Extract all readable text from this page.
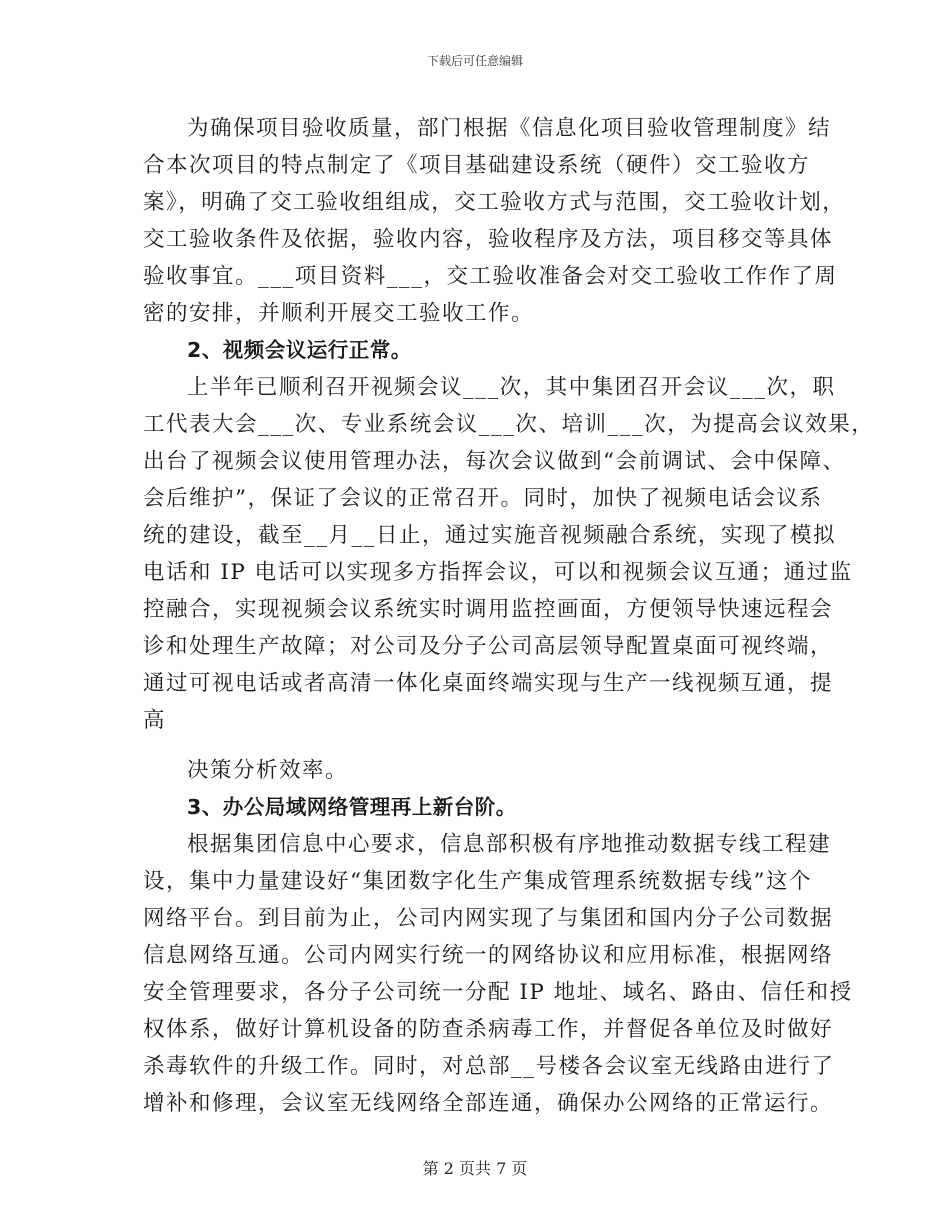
下载后可任意编辑
为确保项目验收质量，部门根据《信息化项目验收管理制度》结
合本次项目的特点制定了《项目基础建设系统（硬件）交工验收方
案》，明确了交工验收组组成，交工验收方式与范围，交工验收计划，
交工验收条件及依据，验收内容，验收程序及方法，项目移交等具体
验收事宜。___项目资料___，交工验收准备会对交工验收工作作了周
密的安排，并顺利开展交工验收工作。
2、视频会议运行正常。
上半年已顺利召开视频会议___次，其中集团召开会议___次，职
工代表大会___次、专业系统会议___次、培训___次，为提高会议效果，
出台了视频会议使用管理办法，每次会议做到“会前调试、会中保障、
会后维护”，保证了会议的正常召开。同时，加快了视频电话会议系
统的建设，截至__月__日止，通过实施音视频融合系统，实现了模拟
电话和 IP 电话可以实现多方指挥会议，可以和视频会议互通；通过监
控融合，实现视频会议系统实时调用监控画面，方便领导快速远程会
诊和处理生产故障；对公司及分子公司高层领导配置桌面可视终端，
通过可视电话或者高清一体化桌面终端实现与生产一线视频互通，提
高
决策分析效率。
3、办公局域网络管理再上新台阶。
根据集团信息中心要求，信息部积极有序地推动数据专线工程建
设，集中力量建设好“集团数字化生产集成管理系统数据专线”这个
网络平台。到目前为止，公司内网实现了与集团和国内分子公司数据
信息网络互通。公司内网实行统一的网络协议和应用标准，根据网络
安全管理要求，各分子公司统一分配 IP 地址、域名、路由、信任和授
权体系，做好计算机设备的防查杀病毒工作，并督促各单位及时做好
杀毒软件的升级工作。同时，对总部__号楼各会议室无线路由进行了
增补和修理，会议室无线网络全部连通，确保办公网络的正常运行。
第 2 页共 7 页
